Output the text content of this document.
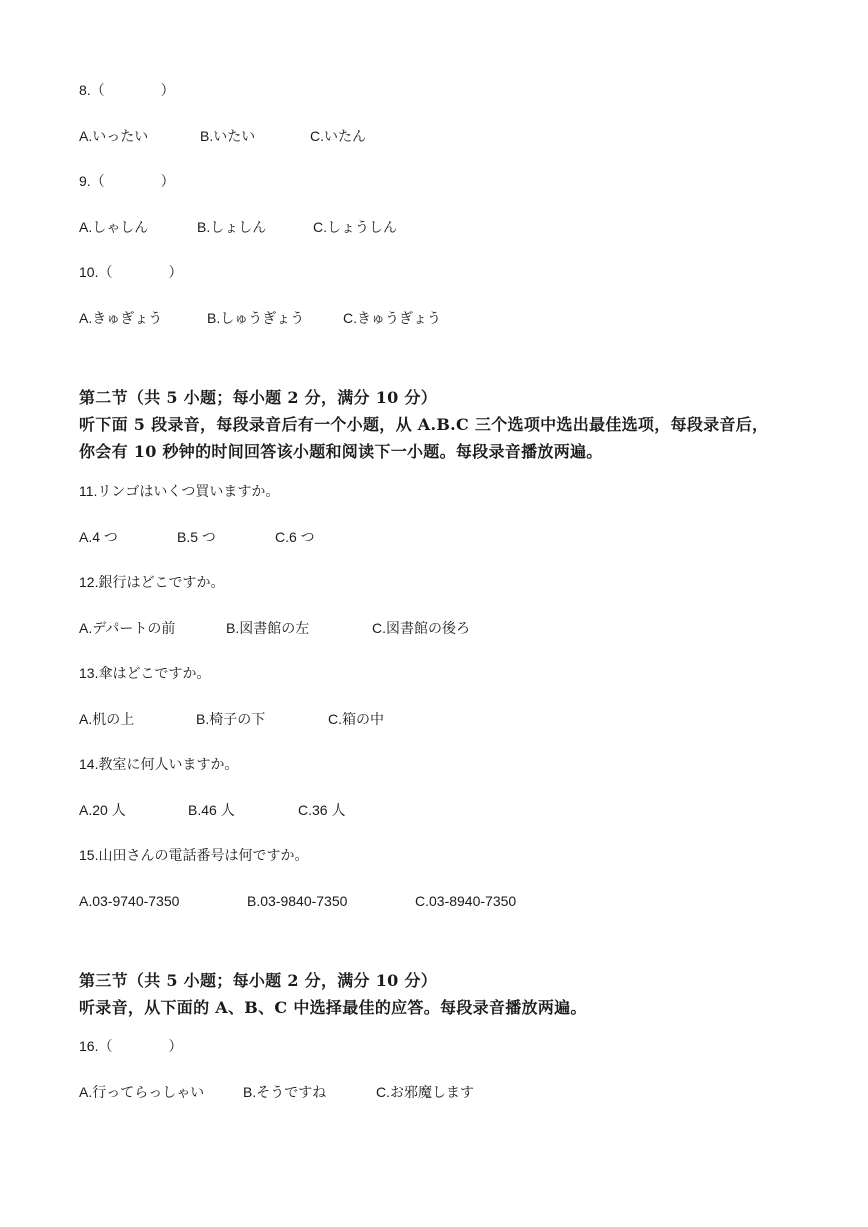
8.（　　　　）
A.いったい	B.いたい	C.いたん
9.（　　　　）
A.しゃしん	B.しょしん	C.しょうしん
10.（　　　　）
A.きゅぎょう	B.しゅうぎょう	C.きゅうぎょう
第二节（共 5 小题；每小题 2 分，满分 10 分）
听下面 5 段录音，每段录音后有一个小题，从 A.B.C 三个选项中选出最佳选项，每段录音后，
你会有 10 秒钟的时间回答该小题和阅读下一小题。每段录音播放两遍。
11.リンゴはいくつ買いますか。
A.4 つ	B.5 つ	C.6 つ
12.銀行はどこですか。
A.デパートの前	B.図書館の左	C.図書館の後ろ
13.傘はどこですか。
A.机の上	B.椅子の下	C.箱の中
14.教室に何人いますか。
A.20 人	B.46 人	C.36 人
15.山田さんの電話番号は何ですか。
A.03-9740-7350	B.03-9840-7350	C.03-8940-7350
第三节（共 5 小题；每小题 2 分，满分 10 分）
听录音，从下面的 A、B、C 中选择最佳的应答。每段录音播放两遍。
16.（　　　　）
A.行ってらっしゃい	B.そうですね	C.お邪魔します
